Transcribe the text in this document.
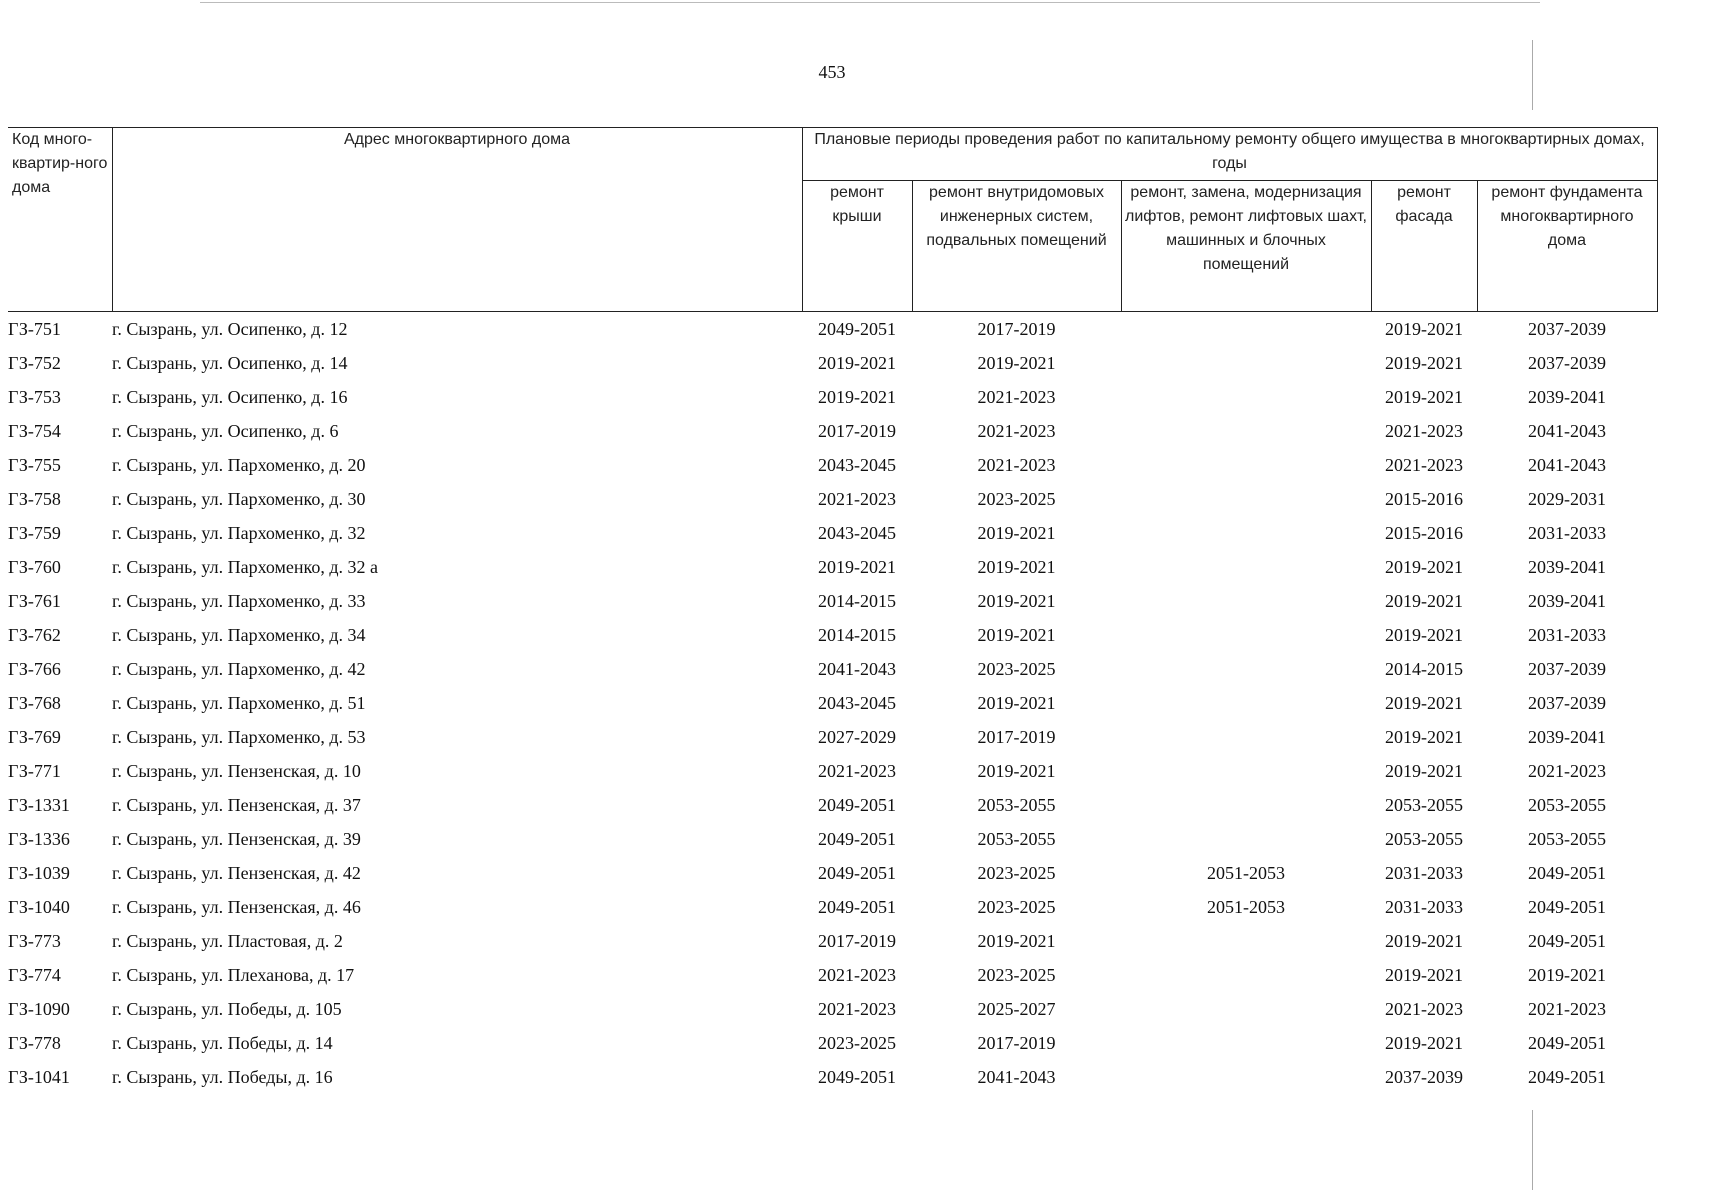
453
Код много-квартир-ного дома	Адрес многоквартирного дома	Плановые периоды проведения работ по капитальному ремонту общего имущества в многоквартирных домах, годы				
		ремонт крыши	ремонт внутридомовых инженерных систем, подвальных помещений	ремонт, замена, модернизация лифтов, ремонт лифтовых шахт, машинных и блочных помещений	ремонт фасада	ремонт фундамента многоквартирного дома
ГЗ-751	г. Сызрань, ул. Осипенко, д. 12	2049-2051	2017-2019		2019-2021	2037-2039
ГЗ-752	г. Сызрань, ул. Осипенко, д. 14	2019-2021	2019-2021		2019-2021	2037-2039
ГЗ-753	г. Сызрань, ул. Осипенко, д. 16	2019-2021	2021-2023		2019-2021	2039-2041
ГЗ-754	г. Сызрань, ул. Осипенко, д. 6	2017-2019	2021-2023		2021-2023	2041-2043
ГЗ-755	г. Сызрань, ул. Пархоменко, д. 20	2043-2045	2021-2023		2021-2023	2041-2043
ГЗ-758	г. Сызрань, ул. Пархоменко, д. 30	2021-2023	2023-2025		2015-2016	2029-2031
ГЗ-759	г. Сызрань, ул. Пархоменко, д. 32	2043-2045	2019-2021		2015-2016	2031-2033
ГЗ-760	г. Сызрань, ул. Пархоменко, д. 32 а	2019-2021	2019-2021		2019-2021	2039-2041
ГЗ-761	г. Сызрань, ул. Пархоменко, д. 33	2014-2015	2019-2021		2019-2021	2039-2041
ГЗ-762	г. Сызрань, ул. Пархоменко, д. 34	2014-2015	2019-2021		2019-2021	2031-2033
ГЗ-766	г. Сызрань, ул. Пархоменко, д. 42	2041-2043	2023-2025		2014-2015	2037-2039
ГЗ-768	г. Сызрань, ул. Пархоменко, д. 51	2043-2045	2019-2021		2019-2021	2037-2039
ГЗ-769	г. Сызрань, ул. Пархоменко, д. 53	2027-2029	2017-2019		2019-2021	2039-2041
ГЗ-771	г. Сызрань, ул. Пензенская, д. 10	2021-2023	2019-2021		2019-2021	2021-2023
ГЗ-1331	г. Сызрань, ул. Пензенская, д. 37	2049-2051	2053-2055		2053-2055	2053-2055
ГЗ-1336	г. Сызрань, ул. Пензенская, д. 39	2049-2051	2053-2055		2053-2055	2053-2055
ГЗ-1039	г. Сызрань, ул. Пензенская, д. 42	2049-2051	2023-2025	2051-2053	2031-2033	2049-2051
ГЗ-1040	г. Сызрань, ул. Пензенская, д. 46	2049-2051	2023-2025	2051-2053	2031-2033	2049-2051
ГЗ-773	г. Сызрань, ул. Пластовая, д. 2	2017-2019	2019-2021		2019-2021	2049-2051
ГЗ-774	г. Сызрань, ул. Плеханова, д. 17	2021-2023	2023-2025		2019-2021	2019-2021
ГЗ-1090	г. Сызрань, ул. Победы, д. 105	2021-2023	2025-2027		2021-2023	2021-2023
ГЗ-778	г. Сызрань, ул. Победы, д. 14	2023-2025	2017-2019		2019-2021	2049-2051
ГЗ-1041	г. Сызрань, ул. Победы, д. 16	2049-2051	2041-2043		2037-2039	2049-2051
